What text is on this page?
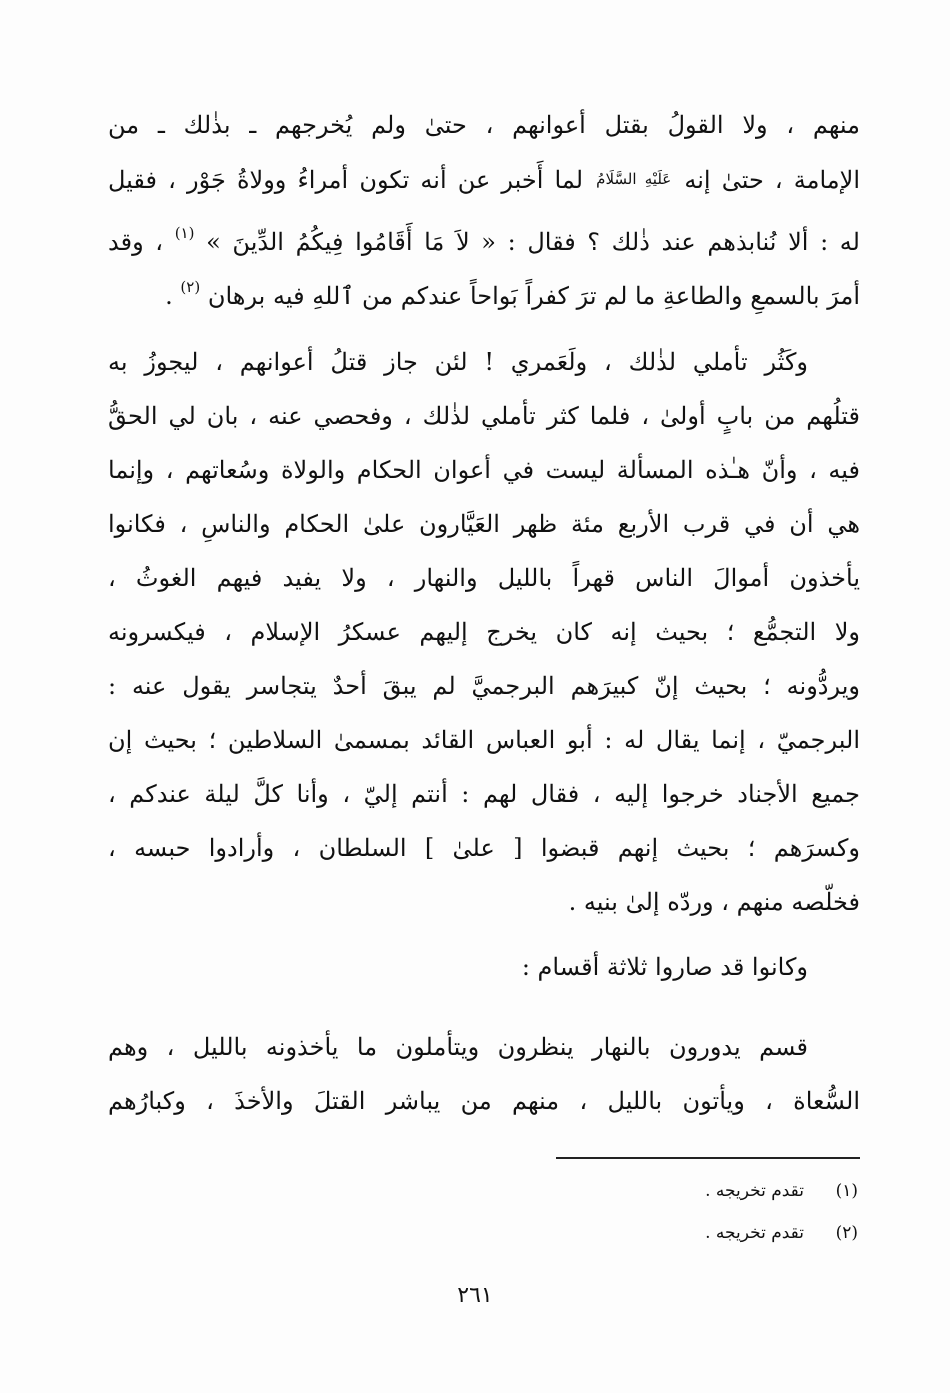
منهم ، ولا القولُ بقتل أعوانهم ، حتىٰ ولم يُخرجهم ـ بذٰلك ـ من
الإمامة ، حتىٰ إنه عَلَيْهِ السَّلَامُ لما أَخبر عن أنه تكون أمراءُ وولاةُ جَوْر ، فقيل
له : ألا نُنابذهم عند ذٰلك ؟ فقال : « لاَ مَا أَقَامُوا فِيكُمُ الدِّينَ » $^{(١)}$ ، وقد
أمرَ بالسمعِ والطاعةِ ما لم ترَ كفراً بَواحاً عندكم من ٱللهِ فيه برهان $^{(٢)}$ .
وكَثُر تأملي لذٰلك ، ولَعَمري ! لئن جاز قتلُ أعوانهم ، ليجوزُ به
قتلُهم من بابٍ أولىٰ ، فلما كثر تأملي لذٰلك ، وفحصي عنه ، بان لي الحقُّ
فيه ، وأنّ هـٰذه المسألة ليست في أعوان الحكام والولاة وسُعاتهم ، وإنما
هي أن في قرب الأربع مئة ظهر العَيَّارون علىٰ الحكام والناسِ ، فكانوا
يأخذون أموالَ الناس قهراً بالليل والنهار ، ولا يفيد فيهم الغوثُ ،
ولا التجمُّع ؛ بحيث إنه كان يخرج إليهم عسكرُ الإسلام ، فيكسرونه
ويردُّونه ؛ بحيث إنّ كبيرَهم البرجميَّ لم يبقَ أحدٌ يتجاسر يقول عنه :
البرجميّ ، إنما يقال له : أبو العباس القائد بمسمىٰ السلاطين ؛ بحيث إن
جميع الأجناد خرجوا إليه ، فقال لهم : أنتم إليّ ، وأنا كلَّ ليلة عندكم ،
وكسرَهم ؛ بحيث إنهم قبضوا [ علىٰ ] السلطان ، وأرادوا حبسه ،
فخلّصه منهم ، وردّه إلىٰ بنيه .
وكانوا قد صاروا ثلاثة أقسام :
قسم يدورون بالنهار ينظرون ويتأملون ما يأخذونه بالليل ، وهم
السُّعاة ، ويأتون بالليل ، منهم من يباشر القتلَ والأخذَ ، وكبارُهم
(١)تقدم تخريجه .
(٢)تقدم تخريجه .
٢٦١
